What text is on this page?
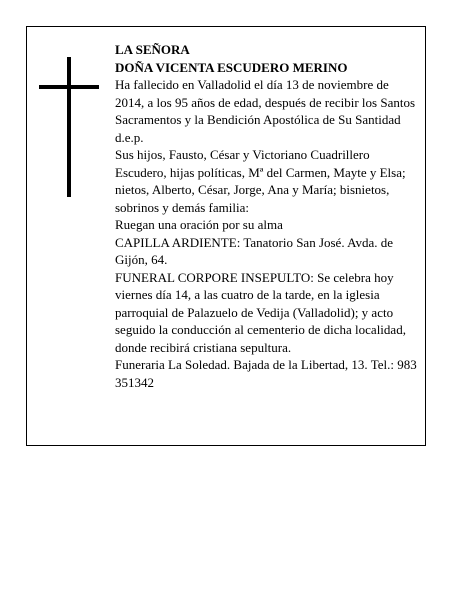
LA SEÑORA

DOÑA VICENTA ESCUDERO MERINO

Ha fallecido en Valladolid el día 13 de noviembre de 2014, a los 95 años de edad, después de recibir los Santos Sacramentos y la Bendición Apostólica de Su Santidad

d.e.p.

Sus hijos, Fausto, César y Victoriano Cuadrillero Escudero, hijas políticas, Mª del Carmen, Mayte y Elsa; nietos, Alberto, César, Jorge, Ana y María; bisnietos, sobrinos y demás familia:

Ruegan una oración por su alma

CAPILLA ARDIENTE: Tanatorio San José. Avda. de Gijón, 64.

FUNERAL CORPORE INSEPULTO: Se celebra hoy viernes día 14, a las cuatro de la tarde, en la iglesia parroquial de Palazuelo de Vedija (Valladolid); y acto seguido la conducción al cementerio de dicha localidad, donde recibirá cristiana sepultura.

Funeraria La Soledad. Bajada de la Libertad, 13. Tel.: 983 351342
